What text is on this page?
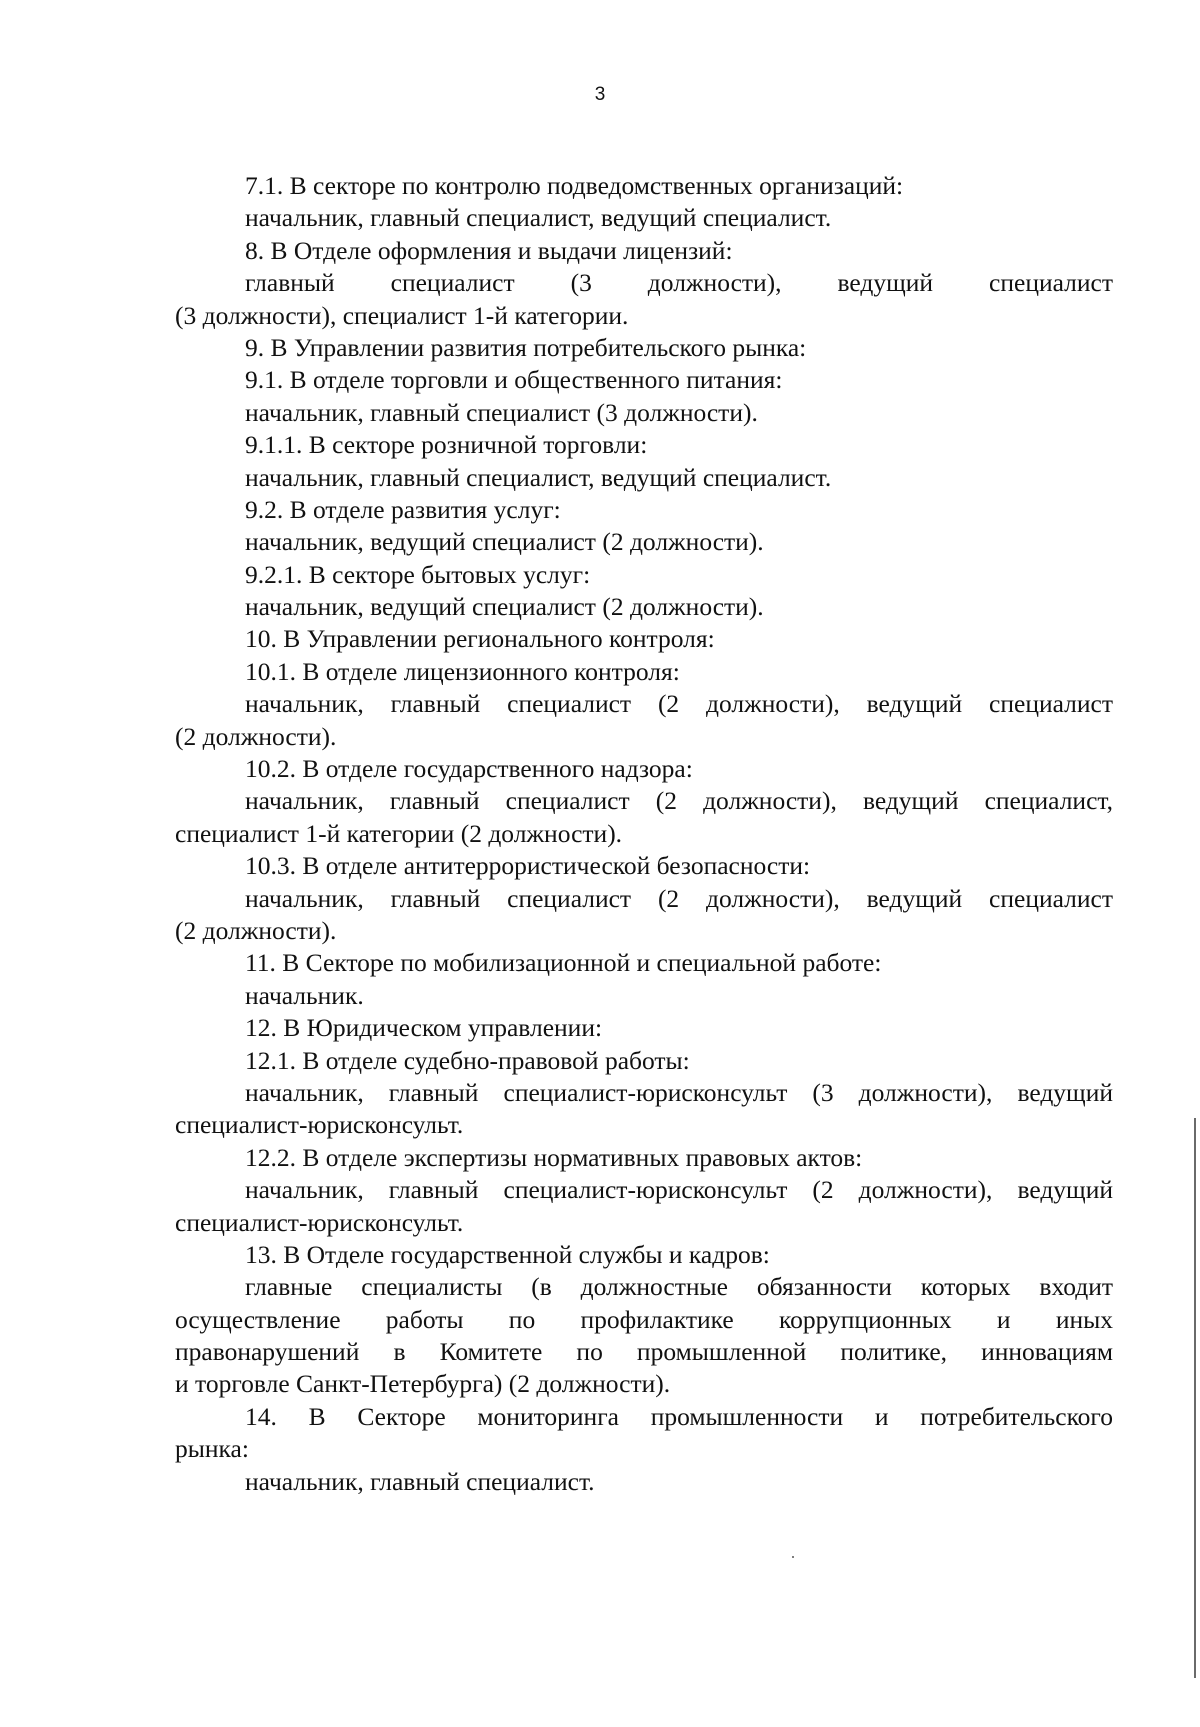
3
7.1. В секторе по контролю подведомственных организаций:
начальник, главный специалист, ведущий специалист.
8. В Отделе оформления и выдачи лицензий:
главный специалист (3 должности), ведущий специалист
(3 должности), специалист 1-й категории.
9. В Управлении развития потребительского рынка:
9.1. В отделе торговли и общественного питания:
начальник, главный специалист (3 должности).
9.1.1. В секторе розничной торговли:
начальник, главный специалист, ведущий специалист.
9.2. В отделе развития услуг:
начальник, ведущий специалист (2 должности).
9.2.1. В секторе бытовых услуг:
начальник, ведущий специалист (2 должности).
10. В Управлении регионального контроля:
10.1. В отделе лицензионного контроля:
начальник, главный специалист (2 должности), ведущий специалист
(2 должности).
10.2. В отделе государственного надзора:
начальник, главный специалист (2 должности), ведущий специалист,
специалист 1-й категории (2 должности).
10.3. В отделе антитеррористической безопасности:
начальник, главный специалист (2 должности), ведущий специалист
(2 должности).
11. В Секторе по мобилизационной и специальной работе:
начальник.
12. В Юридическом управлении:
12.1. В отделе судебно-правовой работы:
начальник, главный специалист-юрисконсульт (3 должности), ведущий
специалист-юрисконсульт.
12.2. В отделе экспертизы нормативных правовых актов:
начальник, главный специалист-юрисконсульт (2 должности), ведущий
специалист-юрисконсульт.
13. В Отделе государственной службы и кадров:
главные специалисты (в должностные обязанности которых входит
осуществление работы по профилактике коррупционных и иных
правонарушений в Комитете по промышленной политике, инновациям
и торговле Санкт-Петербурга) (2 должности).
14. В Секторе мониторинга промышленности и потребительского
рынка:
начальник, главный специалист.
